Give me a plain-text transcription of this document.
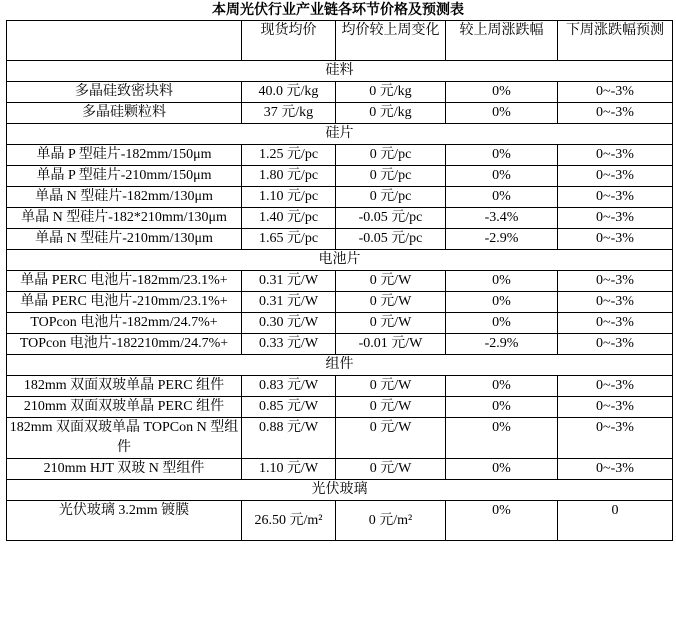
本周光伏行业产业链各环节价格及预测表
	现货均价	均价较上周变化	较上周涨跌幅	下周涨跌幅预测
硅料				
多晶硅致密块料	40.0 元/kg	0 元/kg	0%	0~-3%
多晶硅颗粒料	37 元/kg	0 元/kg	0%	0~-3%
硅片				
单晶 P 型硅片-182mm/150μm	1.25 元/pc	0 元/pc	0%	0~-3%
单晶 P 型硅片-210mm/150μm	1.80 元/pc	0 元/pc	0%	0~-3%
单晶 N 型硅片-182mm/130μm	1.10 元/pc	0 元/pc	0%	0~-3%
单晶 N 型硅片-182*210mm/130μm	1.40 元/pc	-0.05 元/pc	-3.4%	0~-3%
单晶 N 型硅片-210mm/130μm	1.65 元/pc	-0.05 元/pc	-2.9%	0~-3%
电池片				
单晶 PERC 电池片-182mm/23.1%+	0.31 元/W	0 元/W	0%	0~-3%
单晶 PERC 电池片-210mm/23.1%+	0.31 元/W	0 元/W	0%	0~-3%
TOPcon 电池片-182mm/24.7%+	0.30 元/W	0 元/W	0%	0~-3%
TOPcon 电池片-182210mm/24.7%+	0.33 元/W	-0.01 元/W	-2.9%	0~-3%
组件				
182mm 双面双玻单晶 PERC 组件	0.83 元/W	0 元/W	0%	0~-3%
210mm 双面双玻单晶 PERC 组件	0.85 元/W	0 元/W	0%	0~-3%
182mm 双面双玻单晶 TOPCon N 型组件	0.88 元/W	0 元/W	0%	0~-3%
210mm HJT 双玻 N 型组件	1.10 元/W	0 元/W	0%	0~-3%
光伏玻璃				
光伏玻璃 3.2mm 镀膜	26.50 元/m²	0 元/m²	0%	0
